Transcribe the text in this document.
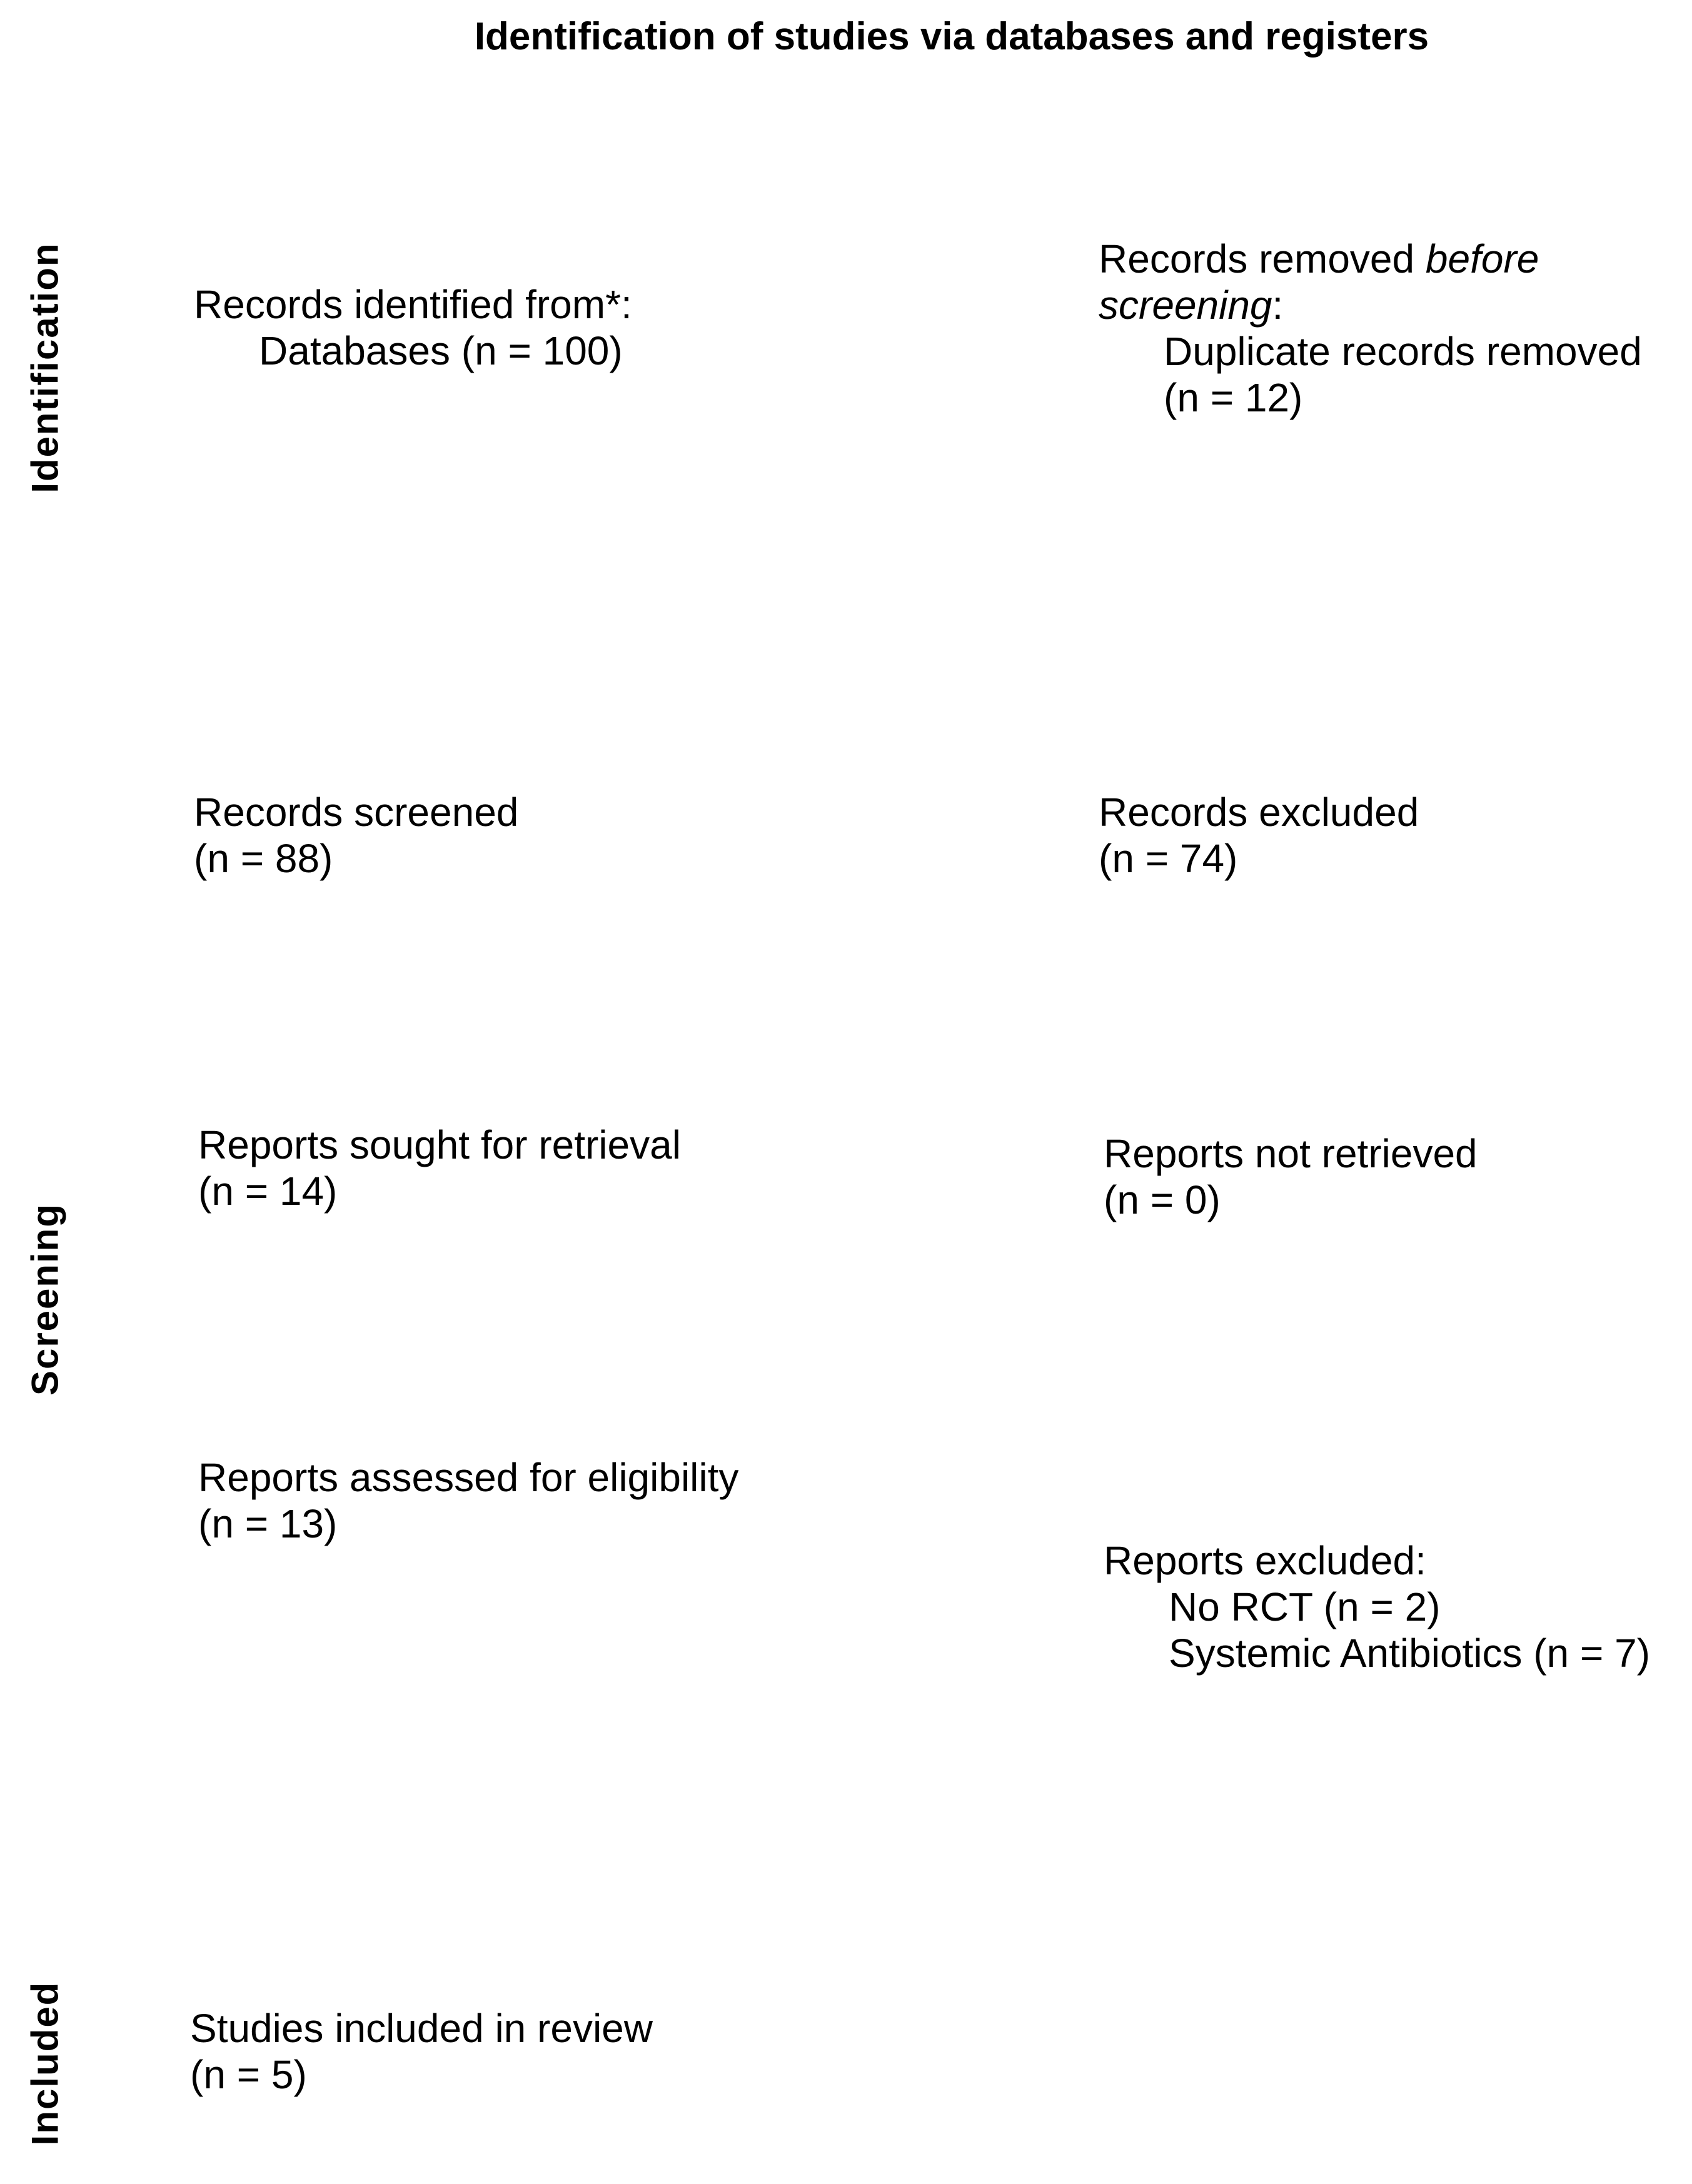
Identification of studies via databases and registers
Identification
Screening
Included
Records identified from*:
Databases (n = 100)
Records removed before
screening:
Duplicate records removed
(n = 12)
Records screened
(n = 88)
Records excluded
(n = 74)
Reports sought for retrieval
(n = 14)
Reports not retrieved
(n = 0)
Reports assessed for eligibility
(n = 13)
Reports excluded:
No RCT (n = 2)
Systemic Antibiotics (n = 7)
Studies included in review
(n = 5)
